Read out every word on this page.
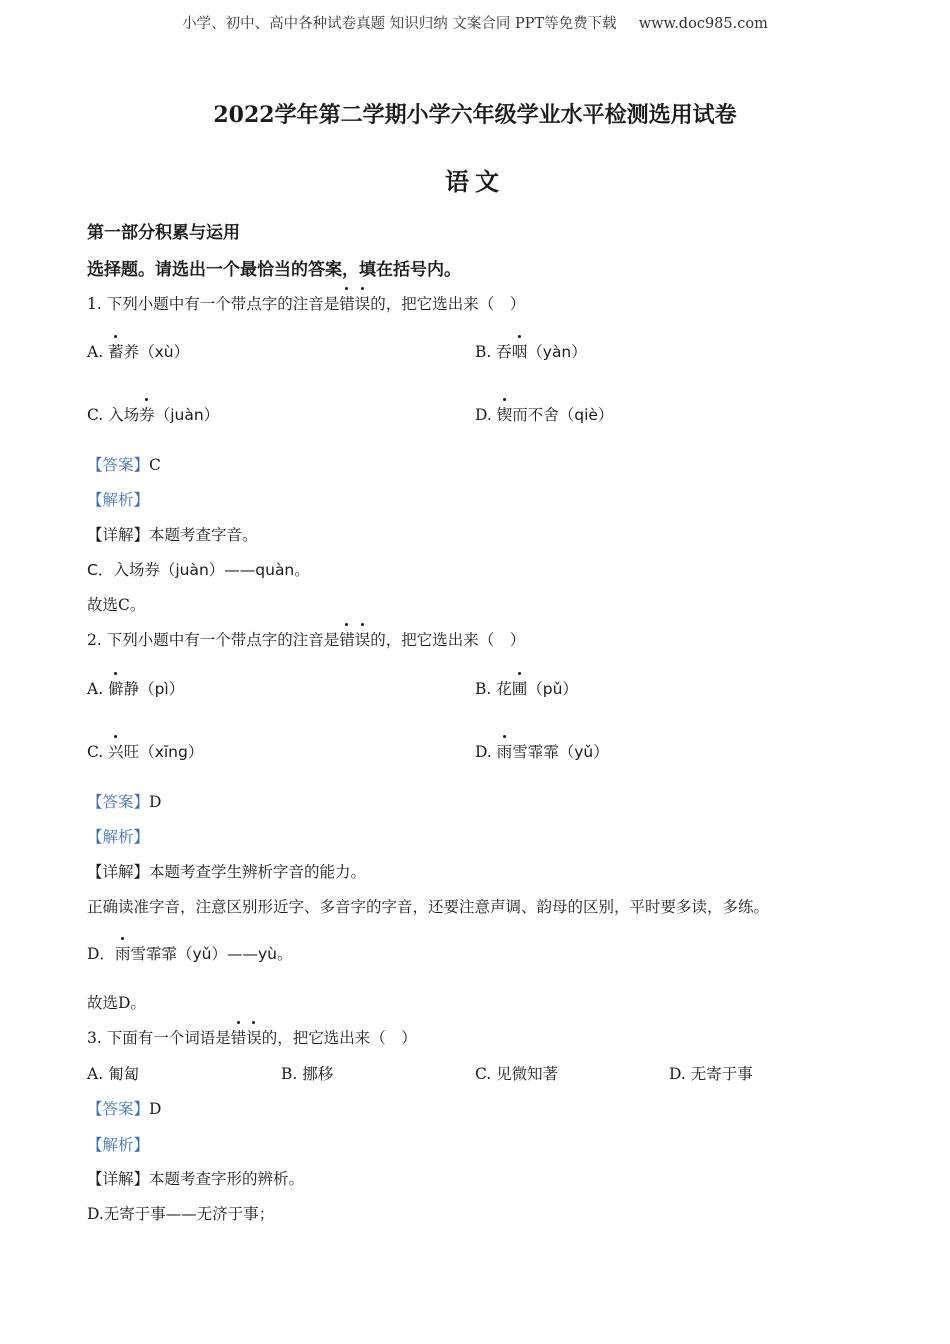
小学、初中、高中各种试卷真题 知识归纳 文案合同 PPT等免费下载 www.doc985.com
2022学年第二学期小学六年级学业水平检测选用试卷
语文
第一部分积累与运用
选择题。请选出一个最恰当的答案，填在括号内。
1. 下列小题中有一个带点字的注音是错误的，把它选出来（　）
A. 蓄养（xù）	B. 吞咽（yàn）
C. 入场券（juàn）	D. 锲而不舍（qiè）
【答案】C
【解析】
【详解】本题考查字音。
C．入场券（juàn）——quàn。
故选C。
2. 下列小题中有一个带点字的注音是错误的，把它选出来（　）
A. 僻静（pì）	B. 花圃（pǔ）
C. 兴旺（xīng）	D. 雨雪霏霏（yǔ）
【答案】D
【解析】
【详解】本题考查学生辨析字音的能力。
正确读准字音，注意区别形近字、多音字的字音，还要注意声调、韵母的区别，平时要多读，多练。
D．雨雪霏霏（yǔ）——yù。
故选D。
3. 下面有一个词语是错误的，把它选出来（　）
A. 匍匐	B. 挪移	C. 见微知著	D. 无寄于事
【答案】D
【解析】
【详解】本题考查字形的辨析。
D.无寄于事——无济于事；
